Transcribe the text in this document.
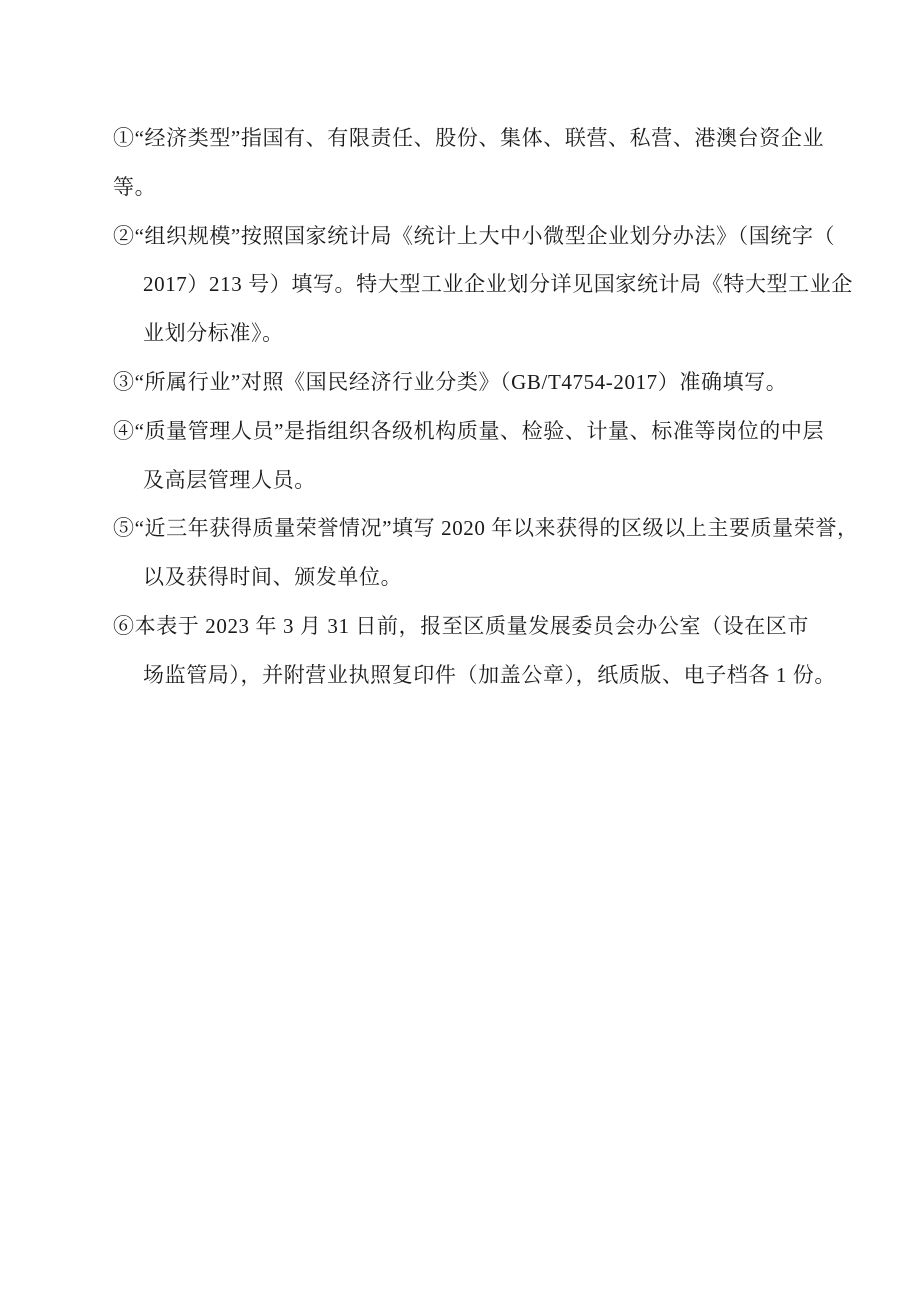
①“经济类型”指国有、有限责任、股份、集体、联营、私营、港澳台资企业
等。
②“组织规模”按照国家统计局《统计上大中小微型企业划分办法》（国统字（
2017）213 号）填写。特大型工业企业划分详见国家统计局《特大型工业企
业划分标准》。
③“所属行业”对照《国民经济行业分类》（GB/T4754-2017）准确填写。
④“质量管理人员”是指组织各级机构质量、检验、计量、标准等岗位的中层
及高层管理人员。
⑤“近三年获得质量荣誉情况”填写 2020 年以来获得的区级以上主要质量荣誉，
以及获得时间、颁发单位。
⑥本表于 2023 年 3 月 31 日前，报至区质量发展委员会办公室（设在区市
场监管局），并附营业执照复印件（加盖公章），纸质版、电子档各 1 份。
